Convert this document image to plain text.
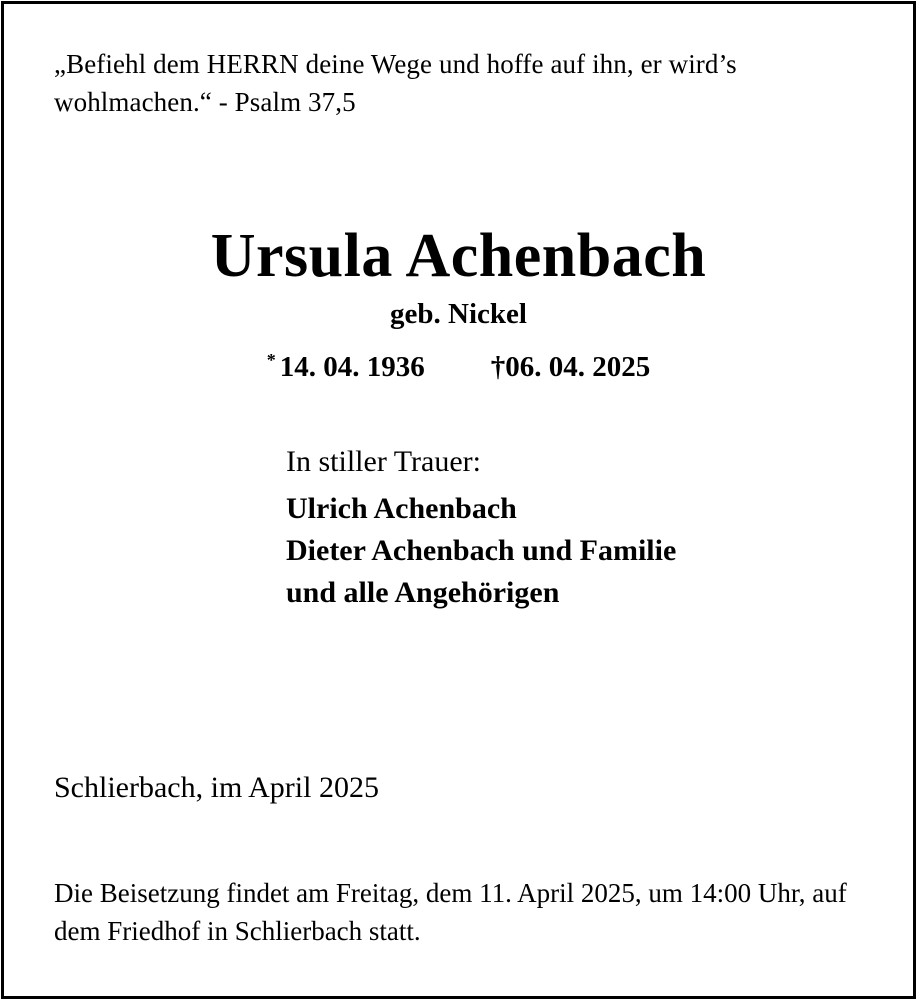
„Befiehl dem HERRN deine Wege und hoffe auf ihn, er wird’s wohlmachen.“ - Psalm 37,5
Ursula Achenbach
geb. Nickel
* 14. 04. 1936 †06. 04. 2025
In stiller Trauer:
Ulrich Achenbach
Dieter Achenbach und Familie
und alle Angehörigen
Schlierbach, im April 2025
Die Beisetzung findet am Freitag, dem 11. April 2025, um 14:00 Uhr, auf dem Friedhof in Schlierbach statt.
